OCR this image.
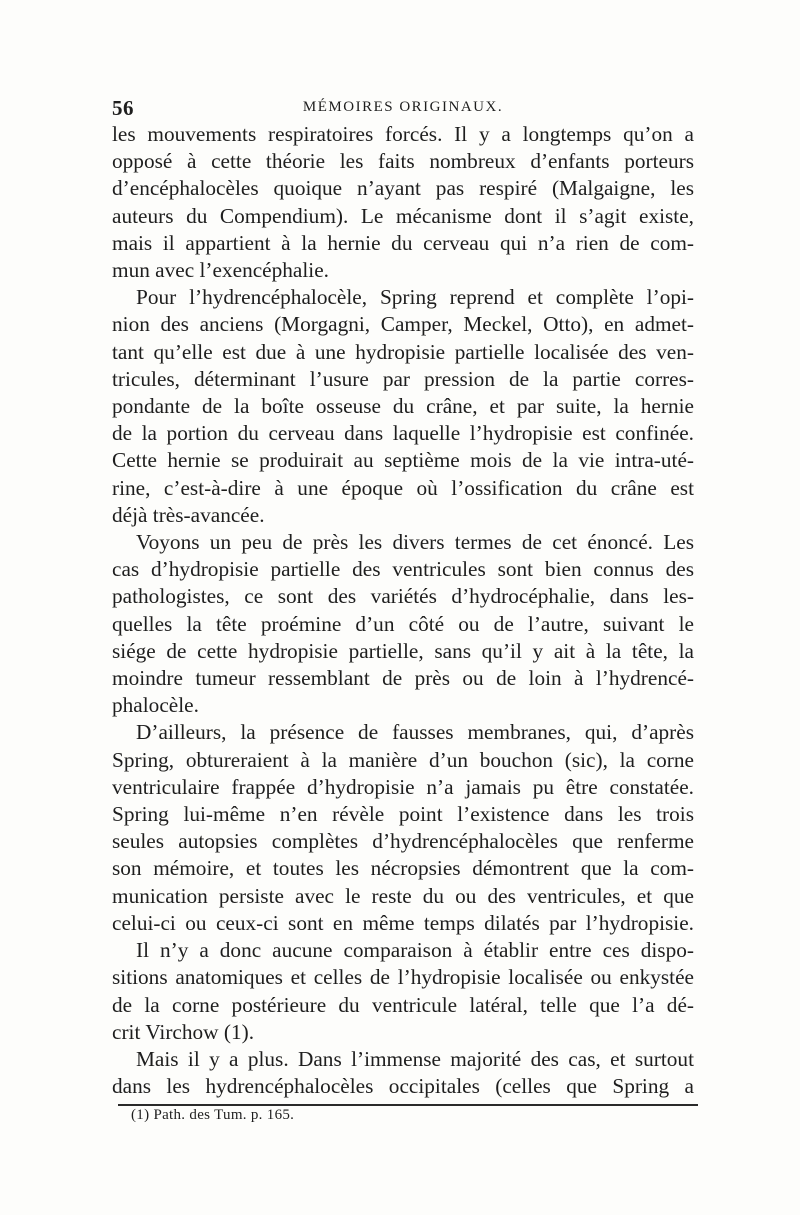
56	MÉMOIRES ORIGINAUX.
les mouvements respiratoires forcés. Il y a longtemps qu’on a
opposé à cette théorie les faits nombreux d’enfants porteurs
d’encéphalocèles quoique n’ayant pas respiré (Malgaigne, les
auteurs du Compendium). Le mécanisme dont il s’agit existe,
mais il appartient à la hernie du cerveau qui n’a rien de com-
mun avec l’exencéphalie.
Pour l’hydrencéphalocèle, Spring reprend et complète l’opi-
nion des anciens (Morgagni, Camper, Meckel, Otto), en admet-
tant qu’elle est due à une hydropisie partielle localisée des ven-
tricules, déterminant l’usure par pression de la partie corres-
pondante de la boîte osseuse du crâne, et par suite, la hernie
de la portion du cerveau dans laquelle l’hydropisie est confinée.
Cette hernie se produirait au septième mois de la vie intra-uté-
rine, c’est-à-dire à une époque où l’ossification du crâne est
déjà très-avancée.
Voyons un peu de près les divers termes de cet énoncé. Les
cas d’hydropisie partielle des ventricules sont bien connus des
pathologistes, ce sont des variétés d’hydrocéphalie, dans les-
quelles la tête proémine d’un côté ou de l’autre, suivant le
siége de cette hydropisie partielle, sans qu’il y ait à la tête, la
moindre tumeur ressemblant de près ou de loin à l’hydrencé-
phalocèle.
D’ailleurs, la présence de fausses membranes, qui, d’après
Spring, obtureraient à la manière d’un bouchon (sic), la corne
ventriculaire frappée d’hydropisie n’a jamais pu être constatée.
Spring lui-même n’en révèle point l’existence dans les trois
seules autopsies complètes d’hydrencéphalocèles que renferme
son mémoire, et toutes les nécropsies démontrent que la com-
munication persiste avec le reste du ou des ventricules, et que
celui-ci ou ceux-ci sont en même temps dilatés par l’hydropisie.
Il n’y a donc aucune comparaison à établir entre ces dispo-
sitions anatomiques et celles de l’hydropisie localisée ou enkystée
de la corne postérieure du ventricule latéral, telle que l’a dé-
crit Virchow (1).
Mais il y a plus. Dans l’immense majorité des cas, et surtout
dans les hydrencéphalocèles occipitales (celles que Spring a
(1) Path. des Tum. p. 165.
